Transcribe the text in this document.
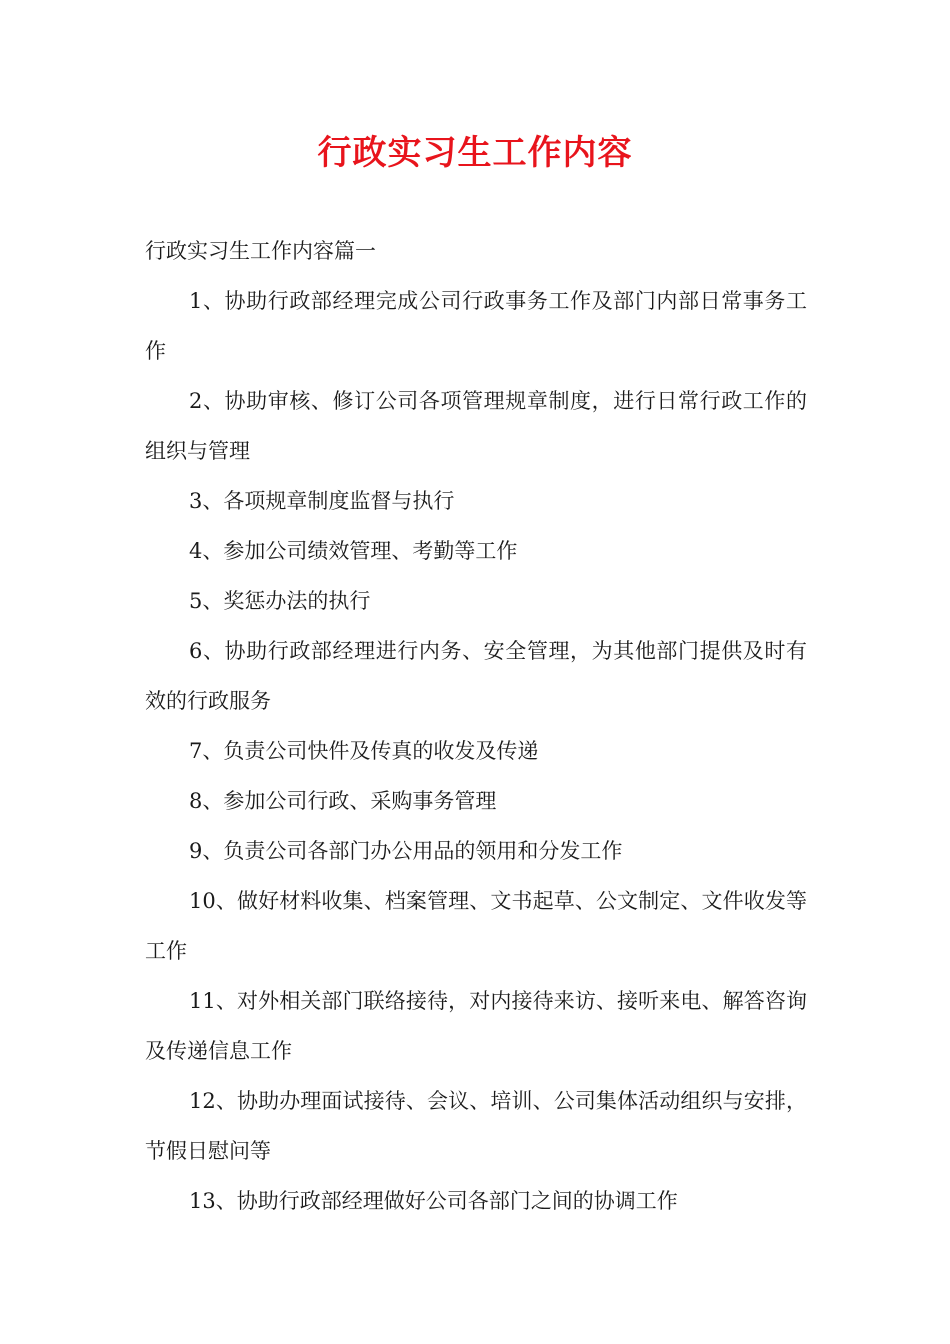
行政实习生工作内容

行政实习生工作内容篇一

1、协助行政部经理完成公司行政事务工作及部门内部日常事务工作

2、协助审核、修订公司各项管理规章制度，进行日常行政工作的组织与管理

3、各项规章制度监督与执行

4、参加公司绩效管理、考勤等工作

5、奖惩办法的执行

6、协助行政部经理进行内务、安全管理，为其他部门提供及时有效的行政服务

7、负责公司快件及传真的收发及传递

8、参加公司行政、采购事务管理

9、负责公司各部门办公用品的领用和分发工作

10、做好材料收集、档案管理、文书起草、公文制定、文件收发等工作

11、对外相关部门联络接待，对内接待来访、接听来电、解答咨询及传递信息工作

12、协助办理面试接待、会议、培训、公司集体活动组织与安排，节假日慰问等

13、协助行政部经理做好公司各部门之间的协调工作
